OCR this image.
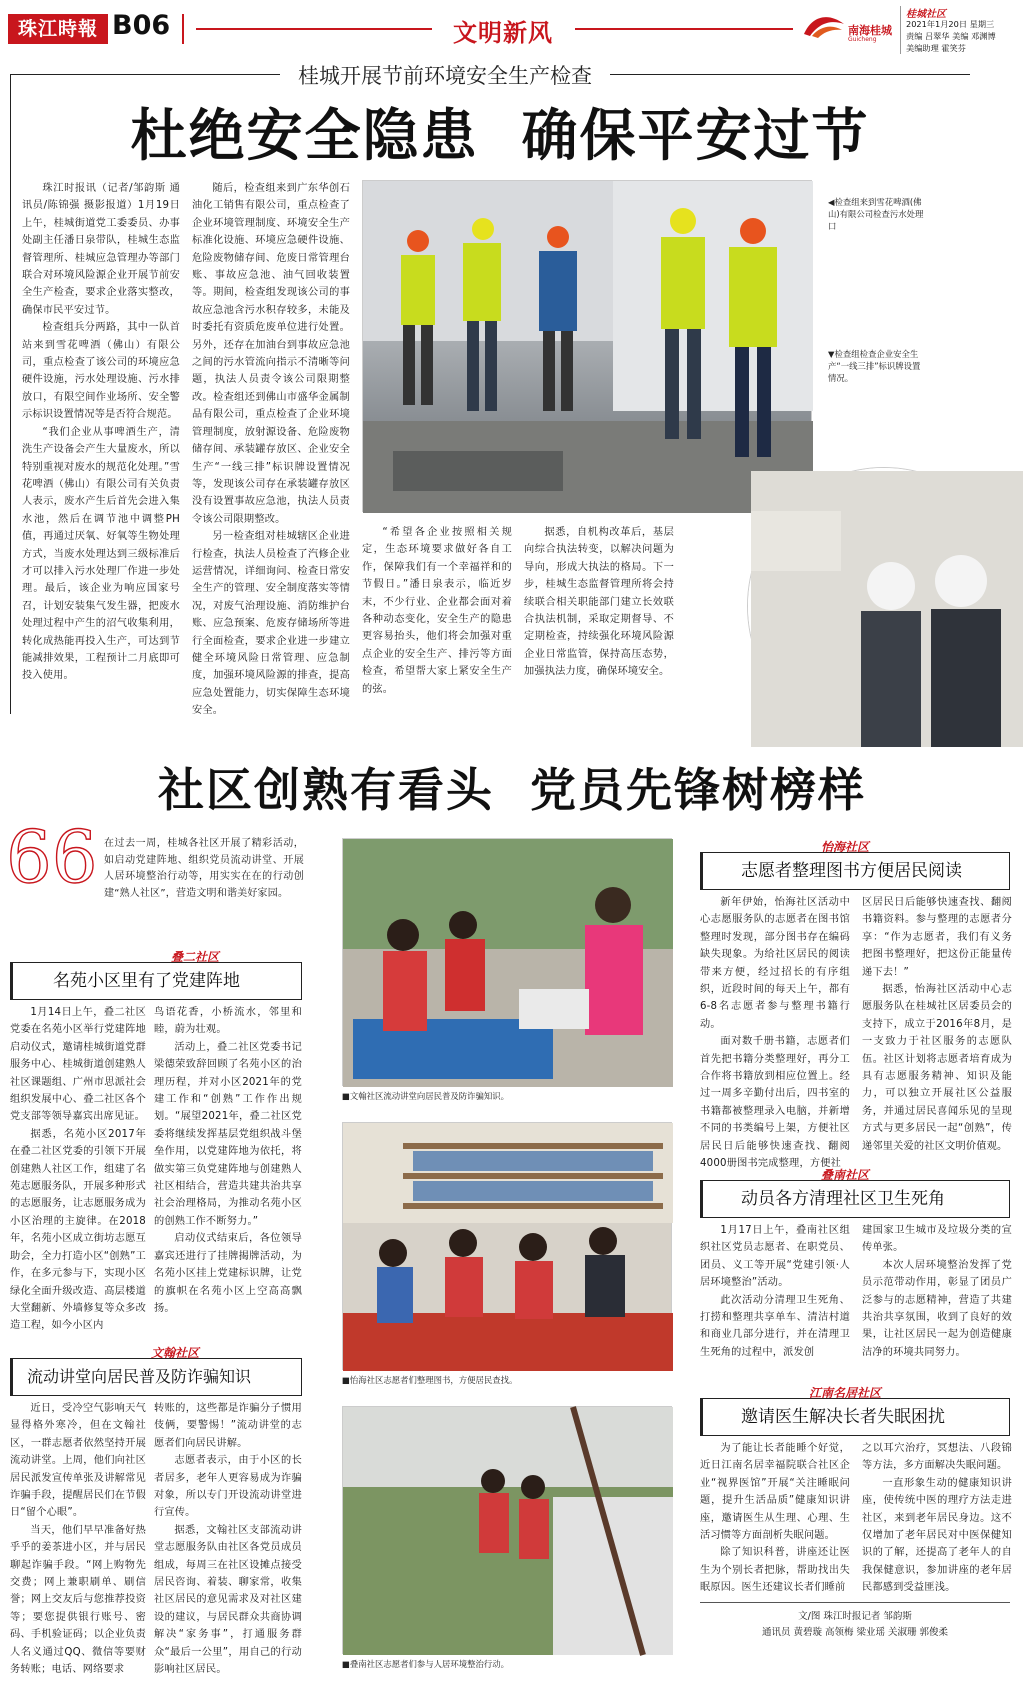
珠江時報 B06	文明新风	南海桂城
Guicheng
桂城社区
2021年1月20日 星期三
责编 吕翠华 美编 邓渊博
美编助理 霍笑芬
桂城开展节前环境安全生产检查
杜绝安全隐患  确保平安过节

珠江时报讯（记者/邹韵斯 通讯员/陈锦强 摄影报道）1月19日上午，桂城街道党工委委员、办事处副主任潘日泉带队，桂城生态监督管理所、桂城应急管理办等部门联合对环境风险源企业开展节前安全生产检查，要求企业落实整改，确保市民平安过节。

检查组兵分两路，其中一队首站来到雪花啤酒（佛山）有限公司，重点检查了该公司的环境应急硬件设施，污水处理设施、污水排放口，有限空间作业场所、安全警示标识设置情况等是否符合规范。

“我们企业从事啤酒生产，清洗生产设备会产生大量废水，所以特别重视对废水的规范化处理。”雪花啤酒（佛山）有限公司有关负责人表示，废水产生后首先会进入集水池，然后在调节池中调整PH值，再通过厌氧、好氧等生物处理方式，当废水处理达到三级标准后才可以排入污水处理厂作进一步处理。最后，该企业为响应国家号召，计划安装集气发生器，把废水处理过程中产生的沼气收集利用，转化成热能再投入生产，可达到节能减排效果，工程预计二月底即可投入使用。

随后，检查组来到广东华创石油化工销售有限公司，重点检查了企业环境管理制度、环境安全生产标准化设施、环境应急硬件设施、危险废物储存间、危废日常管理台账、事故应急池、油气回收装置等。期间，检查组发现该公司的事故应急池含污水积存较多，未能及时委托有资质危废单位进行处置。另外，还存在加油台到事故应急池之间的污水管流向指示不清晰等问题，执法人员责令该公司限期整改。检查组还到佛山市盛华金属制品有限公司，重点检查了企业环境管理制度，放射源设备、危险废物储存间、承装罐存放区、企业安全生产“一线三排”标识牌设置情况等，发现该公司存在承装罐存放区没有设置事故应急池，执法人员责令该公司限期整改。

另一检查组对桂城辖区企业进行检查，执法人员检查了汽修企业运营情况，详细询问、检查日常安全生产的管理、安全制度落实等情况，对废气治理设施、消防维护台账、应急预案、危废存储场所等进行全面检查，要求企业进一步建立健全环境风险日常管理、应急制度，加强环境风险源的排查，提高应急处置能力，切实保障生态环境安全。

◀检查组来到雪花啤酒(佛山)有限公司检查污水处理口
▼检查组检查企业安全生产“一线三排”标识牌设置情况。

“希望各企业按照相关规定，生态环境要求做好各自工作，保障我们有一个幸福祥和的节假日。”潘日泉表示，临近岁末，不少行业、企业都会面对着各种动态变化，安全生产的隐患更容易抬头，他们将会加强对重点企业的安全生产、排污等方面检查，希望帮大家上紧安全生产的弦。

据悉，自机构改革后，基层向综合执法转变，以解决问题为导向，形成大执法的格局。下一步，桂城生态监督管理所将会持续联合相关职能部门建立长效联合执法机制，采取定期督导、不定期检查，持续强化环境风险源企业日常监管，保持高压态势，加强执法力度，确保环境安全。

社区创熟有看头  党员先锋树榜样
66 在过去一周，桂城各社区开展了精彩活动，如启动党建阵地、组织党员流动讲堂、开展人居环境整治行动等，用实实在在的行动创建“熟人社区”，营造文明和谐美好家园。
叠二社区
名苑小区里有了党建阵地

1月14日上午，叠二社区党委在名苑小区举行党建阵地启动仪式，邀请桂城街道党群服务中心、桂城街道创建熟人社区课题组、广州市思派社会组织发展中心、叠二社区各个党支部等领导嘉宾出席见证。

据悉，名苑小区2017年在叠二社区党委的引领下开展创建熟人社区工作，组建了名苑志愿服务队，开展多种形式的志愿服务，让志愿服务成为小区治理的主旋律。在2018年，名苑小区成立街坊志愿互助会，全力打造小区“创熟”工作，在多元参与下，实现小区绿化全面升级改造、高层楼道大堂翻新、外墙修复等众多改造工程，如今小区内

鸟语花香，小桥流水，邻里和睦，蔚为壮观。

活动上，叠二社区党委书记梁德荣致辞回顾了名苑小区的治理历程，并对小区2021年的党建工作和“创熟”工作作出规划。“展望2021年，叠二社区党委将继续发挥基层党组织战斗堡垒作用，以党建阵地为依托，将做实第三负党建阵地与创建熟人社区相结合，营造共建共治共享社会治理格局，为推动名苑小区的创熟工作不断努力。”

启动仪式结束后，各位领导嘉宾还进行了挂牌揭牌活动，为名苑小区挂上党建标识牌，让党的旗帜在名苑小区上空高高飘扬。

文翰社区
流动讲堂向居民普及防诈骗知识

近日，受冷空气影响天气显得格外寒冷，但在文翰社区，一群志愿者依然坚持开展流动讲堂。上周，他们向社区居民派发宣传单张及讲解常见诈骗手段，提醒居民们在节假日“留个心眼”。

当天，他们早早准备好热乎乎的姜茶进小区，并与居民聊起诈骗手段。“网上购物先交费；网上兼职刷单、刷信誉；网上交友后与您推荐投资等；要您提供银行账号、密码、手机验证码；以企业负责人名义通过QQ、微信等要财务转账；电话、网络要求

转账的，这些都是诈骗分子惯用伎俩，要警惕！”流动讲堂的志愿者们向居民讲解。

志愿者表示，由于小区的长者居多，老年人更容易成为诈骗对象，所以专门开设流动讲堂进行宣传。

据悉，文翰社区支部流动讲堂志愿服务队由社区各党员成员组成，每周三在社区设摊点接受居民咨询、着装、聊家常，收集社区居民的意见需求及对社区建设的建议，与居民群众共商协调解决“家务事”，打通服务群众“最后一公里”，用自己的行动影响社区居民。

■文翰社区流动讲堂向居民普及防诈骗知识。
■怡海社区志愿者们整理图书，方便居民查找。
■叠南社区志愿者们参与人居环境整治行动。
怡海社区
志愿者整理图书方便居民阅读

新年伊始，怡海社区活动中心志愿服务队的志愿者在图书馆整理时发现，部分图书存在编码缺失现象。为给社区居民的阅读带来方便，经过招长的有序组织，近段时间的每天上午，都有6-8名志愿者参与整理书籍行动。

面对数千册书籍，志愿者们首先把书籍分类整理好，再分工合作将书籍放到相应位置上。经过一周多辛勤付出后，四书室的书籍都被整理录入电脑，并新增不同的书类编号上架，方便社区居民日后能够快速查找、翻阅4000册图书完成整理，方便社

区居民日后能够快速查找、翻阅书籍资料。参与整理的志愿者分享：“作为志愿者，我们有义务把图书整理好，把这份正能量传递下去！”

据悉，怡海社区活动中心志愿服务队在桂城社区居委员会的支持下，成立于2016年8月，是一支致力于社区服务的志愿队伍。社区计划将志愿者培育成为具有志愿服务精神、知识及能力，可以独立开展社区公益服务，并通过居民喜闻乐见的呈现方式与更多居民一起“创熟”，传递邻里关爱的社区文明价值观。

叠南社区
动员各方清理社区卫生死角

1月17日上午，叠南社区组织社区党员志愿者、在职党员、团员、义工等开展“党建引领·人居环境整治”活动。

此次活动分清理卫生死角、打捞和整理共享单车、清洁村道和商业几部分进行，并在清理卫生死角的过程中，派发创

建国家卫生城市及垃圾分类的宣传单张。

本次人居环境整治发挥了党员示范带动作用，彰显了团员广泛参与的志愿精神，营造了共建共治共享氛围，收到了良好的效果，让社区居民一起为创造健康洁净的环境共同努力。

江南名居社区
邀请医生解决长者失眠困扰

为了能让长者能睡个好觉，近日江南名居幸福院联合社区企业“视界医馆”开展“关注睡眠问题，提升生活品质”健康知识讲座，邀请医生从生理、心理、生活习惯等方面剖析失眠问题。

除了知识科普，讲座还让医生为个别长者把脉，帮助找出失眠原因。医生还建议长者们睡前

之以耳穴治疗，冥想法、八段锦等方法，多方面解决失眠问题。

一直形象生动的健康知识讲座，使传统中医的理疗方法走进社区，来到老年居民身边。这不仅增加了老年居民对中医保健知识的了解，还提高了老年人的自我保健意识，参加讲座的老年居民都感到受益匪浅。

文/图 珠江时报记者 邹韵斯
通讯员 黄碧璇 高领梅 梁业瑶 关淑珊 郭俊柔
